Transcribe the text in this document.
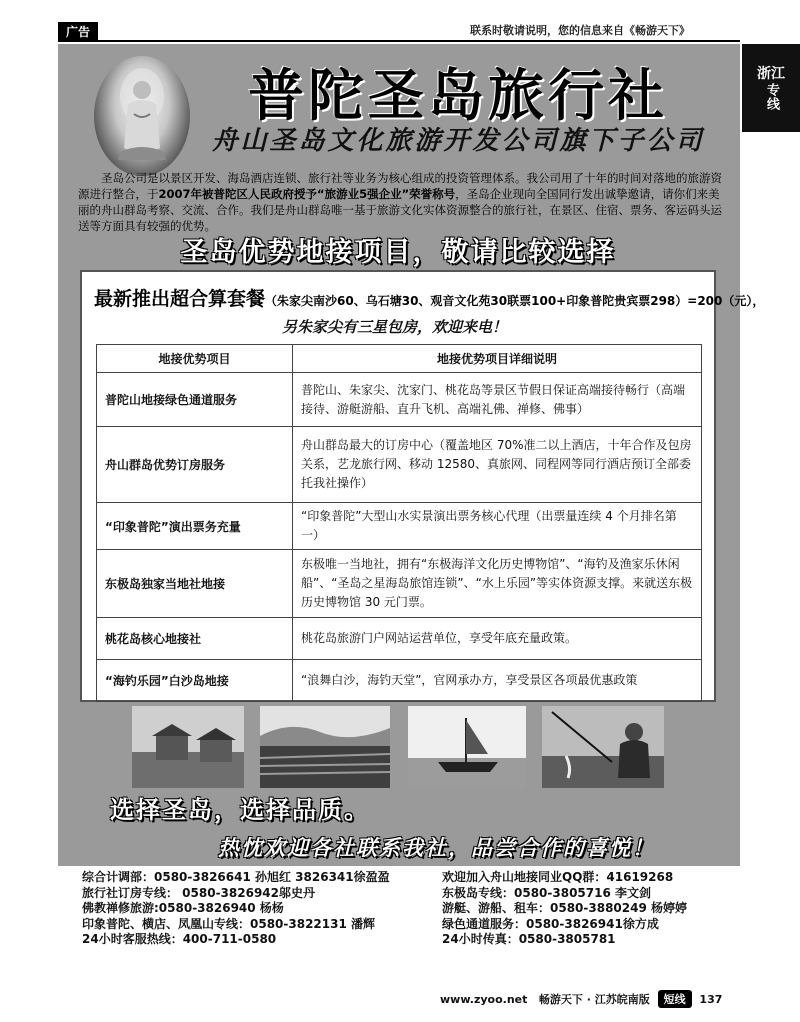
广告	联系时敬请说明，您的信息来自《畅游天下》
浙江
专线
普陀圣岛旅行社
舟山圣岛文化旅游开发公司旗下子公司
圣岛公司是以景区开发、海岛酒店连锁、旅行社等业务为核心组成的投资管理体系。我公司用了十年的时间对落地的旅游资源进行整合，于2007年被普陀区人民政府授予“旅游业5强企业”荣誉称号，圣岛企业现向全国同行发出诚挚邀请，请你们来美丽的舟山群岛考察、交流、合作。我们是舟山群岛唯一基于旅游文化实体资源整合的旅行社，在景区、住宿、票务、客运码头运送等方面具有较强的优势。
圣岛优势地接项目，敬请比较选择
最新推出超合算套餐（朱家尖南沙60、乌石塘30、观音文化苑30联票100+印象普陀贵宾票298）=200（元），
另朱家尖有三星包房，欢迎来电！
地接优势项目	地接优势项目详细说明
普陀山地接绿色通道服务	普陀山、朱家尖、沈家门、桃花岛等景区节假日保证高端接待畅行（高端接待、游艇游船、直升飞机、高端礼佛、禅修、佛事）
舟山群岛优势订房服务	舟山群岛最大的订房中心（覆盖地区 70%准二以上酒店，十年合作及包房关系，艺龙旅行网、移动 12580、真旅网、同程网等同行酒店预订全部委托我社操作）
“印象普陀”演出票务充量	“印象普陀”大型山水实景演出票务核心代理（出票量连续 4 个月排名第一）
东极岛独家当地社地接	东极唯一当地社，拥有“东极海洋文化历史博物馆”、“海钓及渔家乐休闲船”、“圣岛之星海岛旅馆连锁”、“水上乐园”等实体资源支撑。来就送东极历史博物馆 30 元门票。
桃花岛核心地接社	桃花岛旅游门户网站运营单位，享受年底充量政策。
“海钓乐园”白沙岛地接	“浪舞白沙，海钓天堂”，官网承办方，享受景区各项最优惠政策
选择圣岛，选择品质。
热忱欢迎各社联系我社，品尝合作的喜悦！
综合计调部：0580-3826641 孙旭红 3826341徐盈盈
旅行社订房专线： 0580-3826942邬史丹
佛教禅修旅游:0580-3826940 杨杨
印象普陀、横店、凤凰山专线：0580-3822131 潘辉
24小时客服热线：400-711-0580
欢迎加入舟山地接同业QQ群：41619268
东极岛专线：0580-3805716 李文剑
游艇、游船、租车：0580-3880249 杨婷婷
绿色通道服务：0580-3826941徐方成
24小时传真：0580-3805781
www.zyoo.net 畅游天下 · 江苏皖南版 短线 137
